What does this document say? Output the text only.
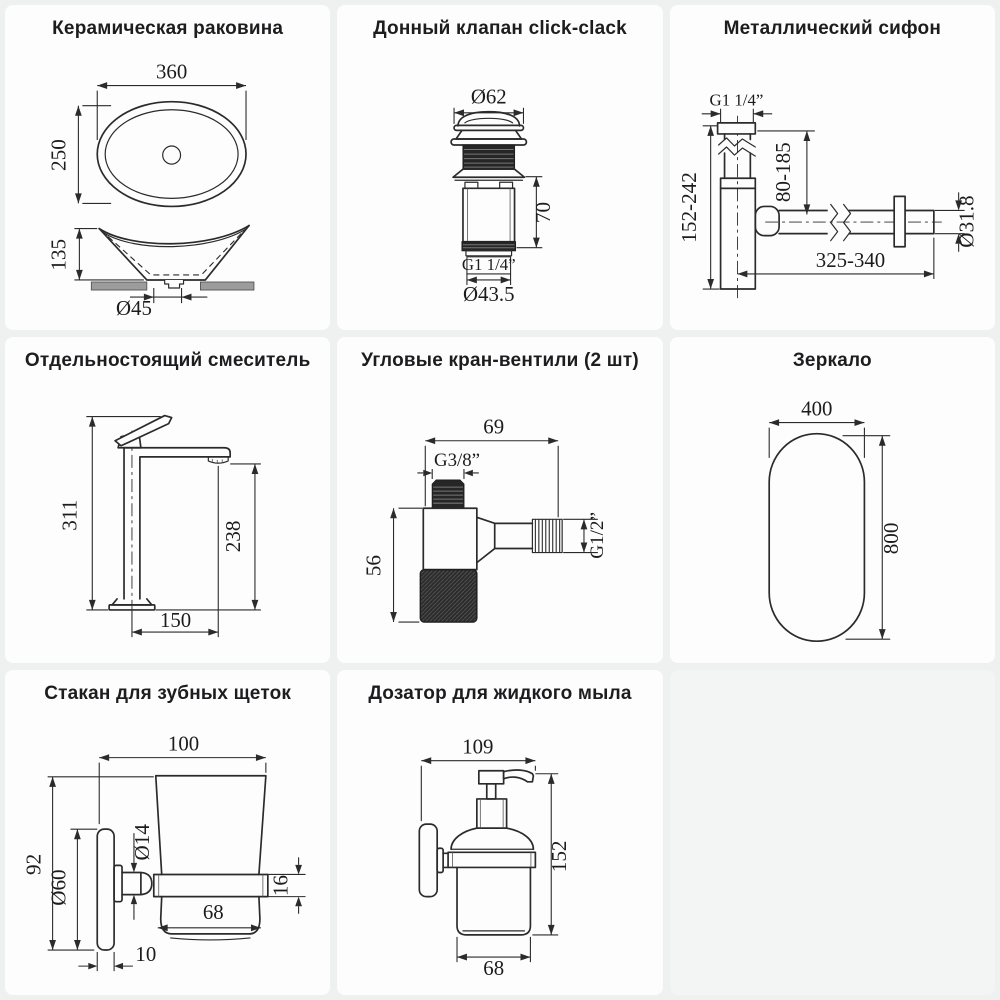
Керамическая раковина
360
250
135
Ø45
Донный клапан click-clack
Ø62
70
G1 1/4”
Ø43.5
Металлический сифон
G1 1/4”
152-242
80-185
Ø31.8
325-340
Отдельностоящий смеситель
311
238
150
Угловые кран-вентили (2 шт)
69
G3/8”
56
G1/2”
Зеркало
400
800
Стакан для зубных щеток
100
92
Ø60
Ø14
16
68
10
Дозатор для жидкого мыла
109
152
68
